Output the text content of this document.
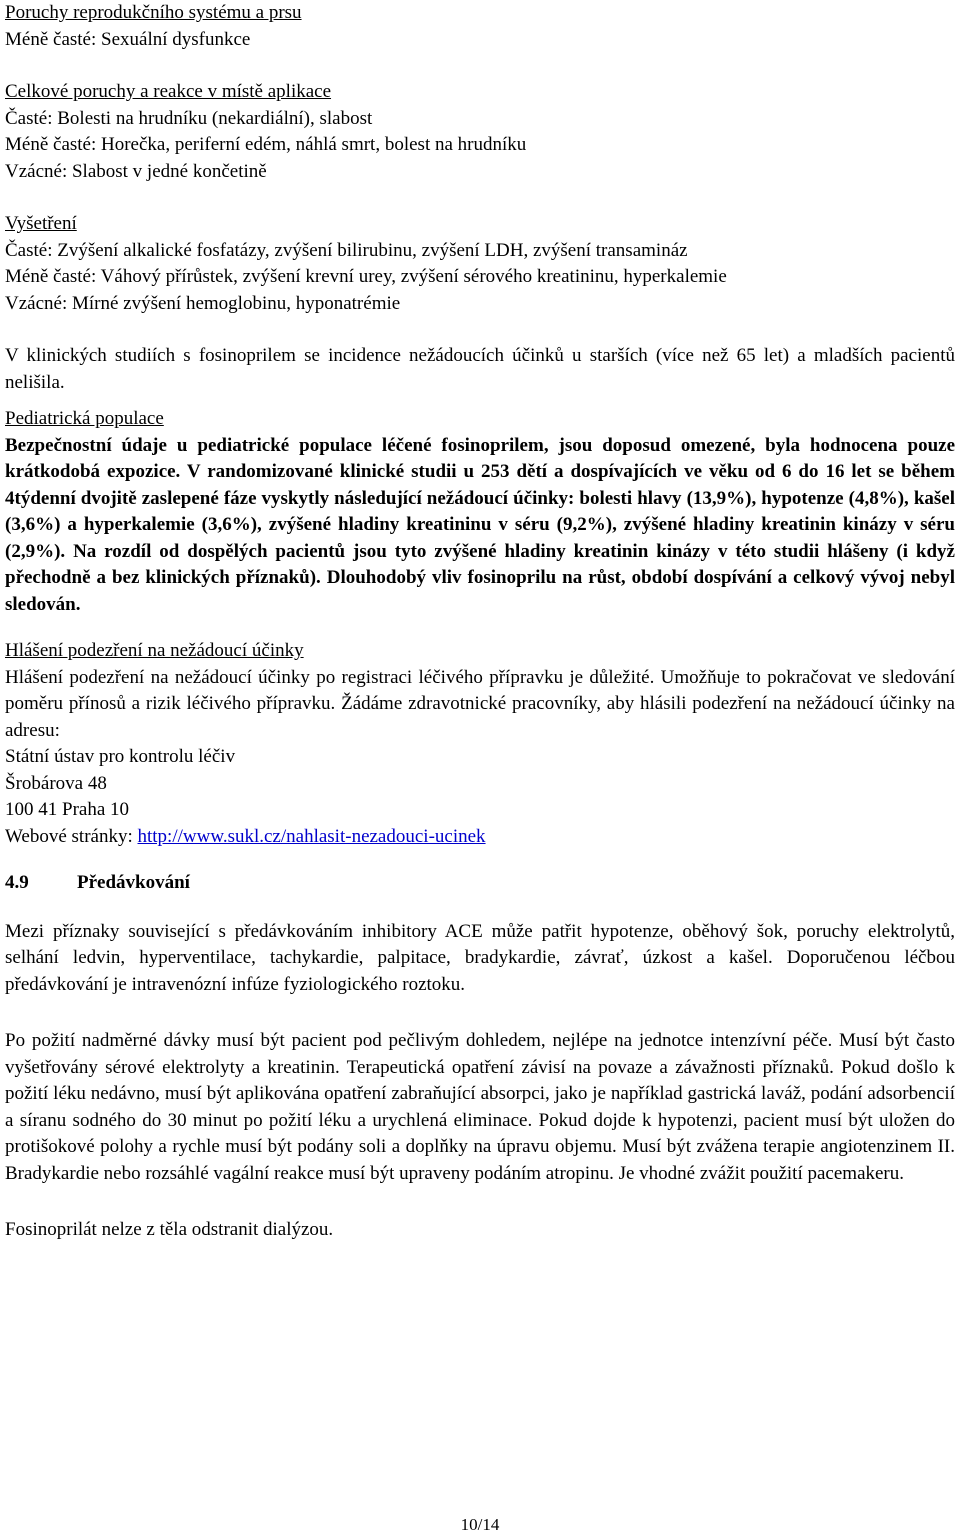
Poruchy reprodukčního systému a prsu
Méně časté: Sexuální dysfunkce
Celkové poruchy a reakce v místě aplikace
Časté: Bolesti na hrudníku (nekardiální), slabost
Méně časté: Horečka, periferní edém, náhlá smrt, bolest na hrudníku
Vzácné: Slabost v jedné končetině
Vyšetření
Časté: Zvýšení alkalické fosfatázy, zvýšení bilirubinu, zvýšení LDH, zvýšení transamináz
Méně časté: Váhový přírůstek, zvýšení krevní urey, zvýšení sérového kreatininu, hyperkalemie
Vzácné: Mírné zvýšení hemoglobinu, hyponatrémie
V klinických studiích s fosinoprilem se incidence nežádoucích účinků u starších (více než 65 let) a mladších pacientů nelišila.
Pediatrická populace
Bezpečnostní údaje u pediatrické populace léčené fosinoprilem, jsou doposud omezené, byla hodnocena pouze krátkodobá expozice. V randomizované klinické studii u 253 dětí a dospívajících ve věku od 6 do 16 let se během 4týdenní dvojitě zaslepené fáze vyskytly následující nežádoucí účinky: bolesti hlavy (13,9%), hypotenze (4,8%), kašel (3,6%) a hyperkalemie (3,6%), zvýšené hladiny kreatininu v séru (9,2%), zvýšené hladiny kreatinin kinázy v séru (2,9%). Na rozdíl od dospělých pacientů jsou tyto zvýšené hladiny kreatinin kinázy v této studii hlášeny (i když přechodně a bez klinických příznaků). Dlouhodobý vliv fosinoprilu na růst, období dospívání a celkový vývoj nebyl sledován.
Hlášení podezření na nežádoucí účinky
Hlášení podezření na nežádoucí účinky po registraci léčivého přípravku je důležité. Umožňuje to pokračovat ve sledování poměru přínosů a rizik léčivého přípravku. Žádáme zdravotnické pracovníky, aby hlásili podezření na nežádoucí účinky na adresu:
Státní ústav pro kontrolu léčiv
Šrobárova 48
100 41 Praha 10
Webové stránky: http://www.sukl.cz/nahlasit-nezadouci-ucinek
4.9	Předávkování
Mezi příznaky související s předávkováním inhibitory ACE může patřit hypotenze, oběhový šok, poruchy elektrolytů, selhání ledvin, hyperventilace, tachykardie, palpitace, bradykardie, závrať, úzkost a kašel. Doporučenou léčbou předávkování je intravenózní infúze fyziologického roztoku.
Po požití nadměrné dávky musí být pacient pod pečlivým dohledem, nejlépe na jednotce intenzívní péče. Musí být často vyšetřovány sérové elektrolyty a kreatinin. Terapeutická opatření závisí na povaze a závažnosti příznaků. Pokud došlo k požití léku nedávno, musí být aplikována opatření zabraňující absorpci, jako je například gastrická laváž, podání adsorbencií a síranu sodného do 30 minut po požití léku a urychlená eliminace. Pokud dojde k hypotenzi, pacient musí být uložen do protišokové polohy a rychle musí být podány soli a doplňky na úpravu objemu. Musí být zvážena terapie angiotenzinem II. Bradykardie nebo rozsáhlé vagální reakce musí být upraveny podáním atropinu. Je vhodné zvážit použití pacemakeru.
Fosinoprilát nelze z těla odstranit dialýzou.
10/14
